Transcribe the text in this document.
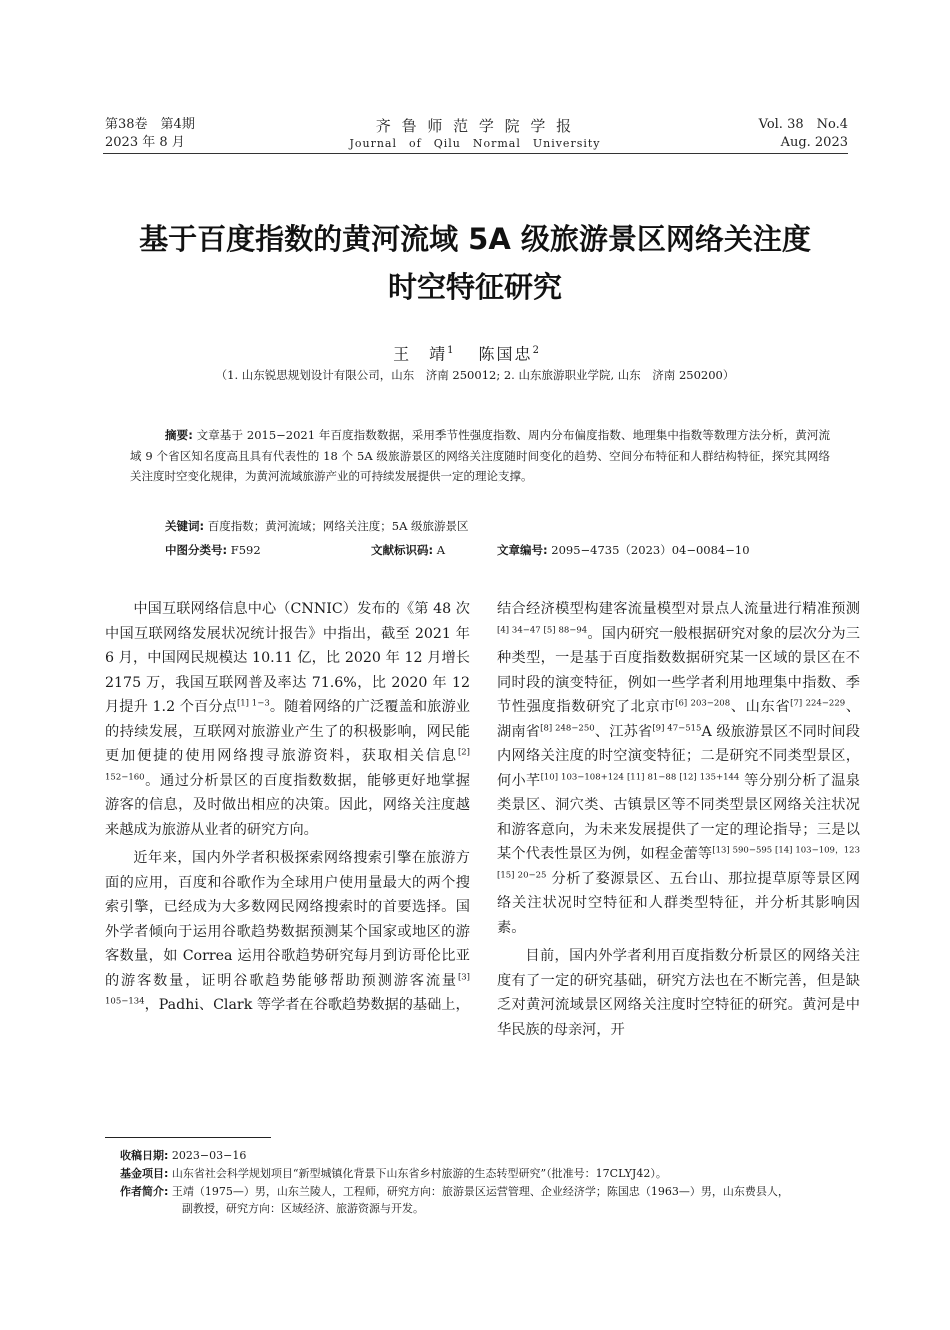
第38卷　第4期
2023 年 8 月
齐 鲁 师 范 学 院 学 报
Journal　of　Qilu　Normal　University
Vol. 38　No.4
Aug. 2023
基于百度指数的黄河流域 5A 级旅游景区网络关注度
时空特征研究
王　靖$^1$ 陈国忠$^2$
（1. 山东锐思规划设计有限公司，山东　济南 250012; 2. 山东旅游职业学院, 山东　济南 250200）
摘要: 文章基于 2015−2021 年百度指数数据，采用季节性强度指数、周内分布偏度指数、地理集中指数等数理方法分析，黄河流域 9 个省区知名度高且具有代表性的 18 个 5A 级旅游景区的网络关注度随时间变化的趋势、空间分布特征和人群结构特征，探究其网络关注度时空变化规律，为黄河流域旅游产业的可持续发展提供一定的理论支撑。
关键词: 百度指数；黄河流域；网络关注度；5A 级旅游景区
中图分类号: F592	文献标识码: A	文章编号: 2095−4735（2023）04−0084−10

中国互联网络信息中心（CNNIC）发布的《第 48 次中国互联网络发展状况统计报告》中指出，截至 2021 年 6 月，中国网民规模达 10.11 亿，比 2020 年 12 月增长 2175 万，我国互联网普及率达 71.6%，比 2020 年 12 月提升 1.2 个百分点$^{[1] 1-3}$。随着网络的广泛覆盖和旅游业的持续发展，互联网对旅游业产生了的积极影响，网民能更加便捷的使用网络搜寻旅游资料，获取相关信息$^{[2] 152-160}$。通过分析景区的百度指数数据，能够更好地掌握游客的信息，及时做出相应的决策。因此，网络关注度越来越成为旅游从业者的研究方向。

近年来，国内外学者积极探索网络搜索引擎在旅游方面的应用，百度和谷歌作为全球用户使用量最大的两个搜索引擎，已经成为大多数网民网络搜索时的首要选择。国外学者倾向于运用谷歌趋势数据预测某个国家或地区的游客数量，如 Correa 运用谷歌趋势研究每月到访哥伦比亚的游客数量，证明谷歌趋势能够帮助预测游客流量$^{[3] 105-134}$，Padhi、Clark 等学者在谷歌趋势数据的基础上，

结合经济模型构建客流量模型对景点人流量进行精准预测$^{[4] 34-47 [5] 88-94}$。国内研究一般根据研究对象的层次分为三种类型，一是基于百度指数数据研究某一区域的景区在不同时段的演变特征，例如一些学者利用地理集中指数、季节性强度指数研究了北京市$^{[6] 203-208}$、山东省$^{[7] 224-229}$、湖南省$^{[8] 248-250}$、江苏省$^{[9] 47-515}$A 级旅游景区不同时间段内网络关注度的时空演变特征；二是研究不同类型景区，何小芊$^{[10] 103-108+124 [11] 81-88 [12] 135+144}$ 等分别分析了温泉类景区、洞穴类、古镇景区等不同类型景区网络关注状况和游客意向，为未来发展提供了一定的理论指导；三是以某个代表性景区为例，如程金蕾等$^{[13] 590-595 [14] 103-109,123 [15] 20-25}$ 分析了婺源景区、五台山、那拉提草原等景区网络关注状况时空特征和人群类型特征，并分析其影响因素。

目前，国内外学者利用百度指数分析景区的网络关注度有了一定的研究基础，研究方法也在不断完善，但是缺乏对黄河流域景区网络关注度时空特征的研究。黄河是中华民族的母亲河，开

收稿日期: 2023−03−16
基金项目: 山东省社会科学规划项目“新型城镇化背景下山东省乡村旅游的生态转型研究”（批准号：17CLYJ42）。
作者简介: 王靖（1975—）男，山东兰陵人，工程师，研究方向：旅游景区运营管理、企业经济学；陈国忠（1963—）男，山东费县人，
副教授，研究方向：区域经济、旅游资源与开发。
